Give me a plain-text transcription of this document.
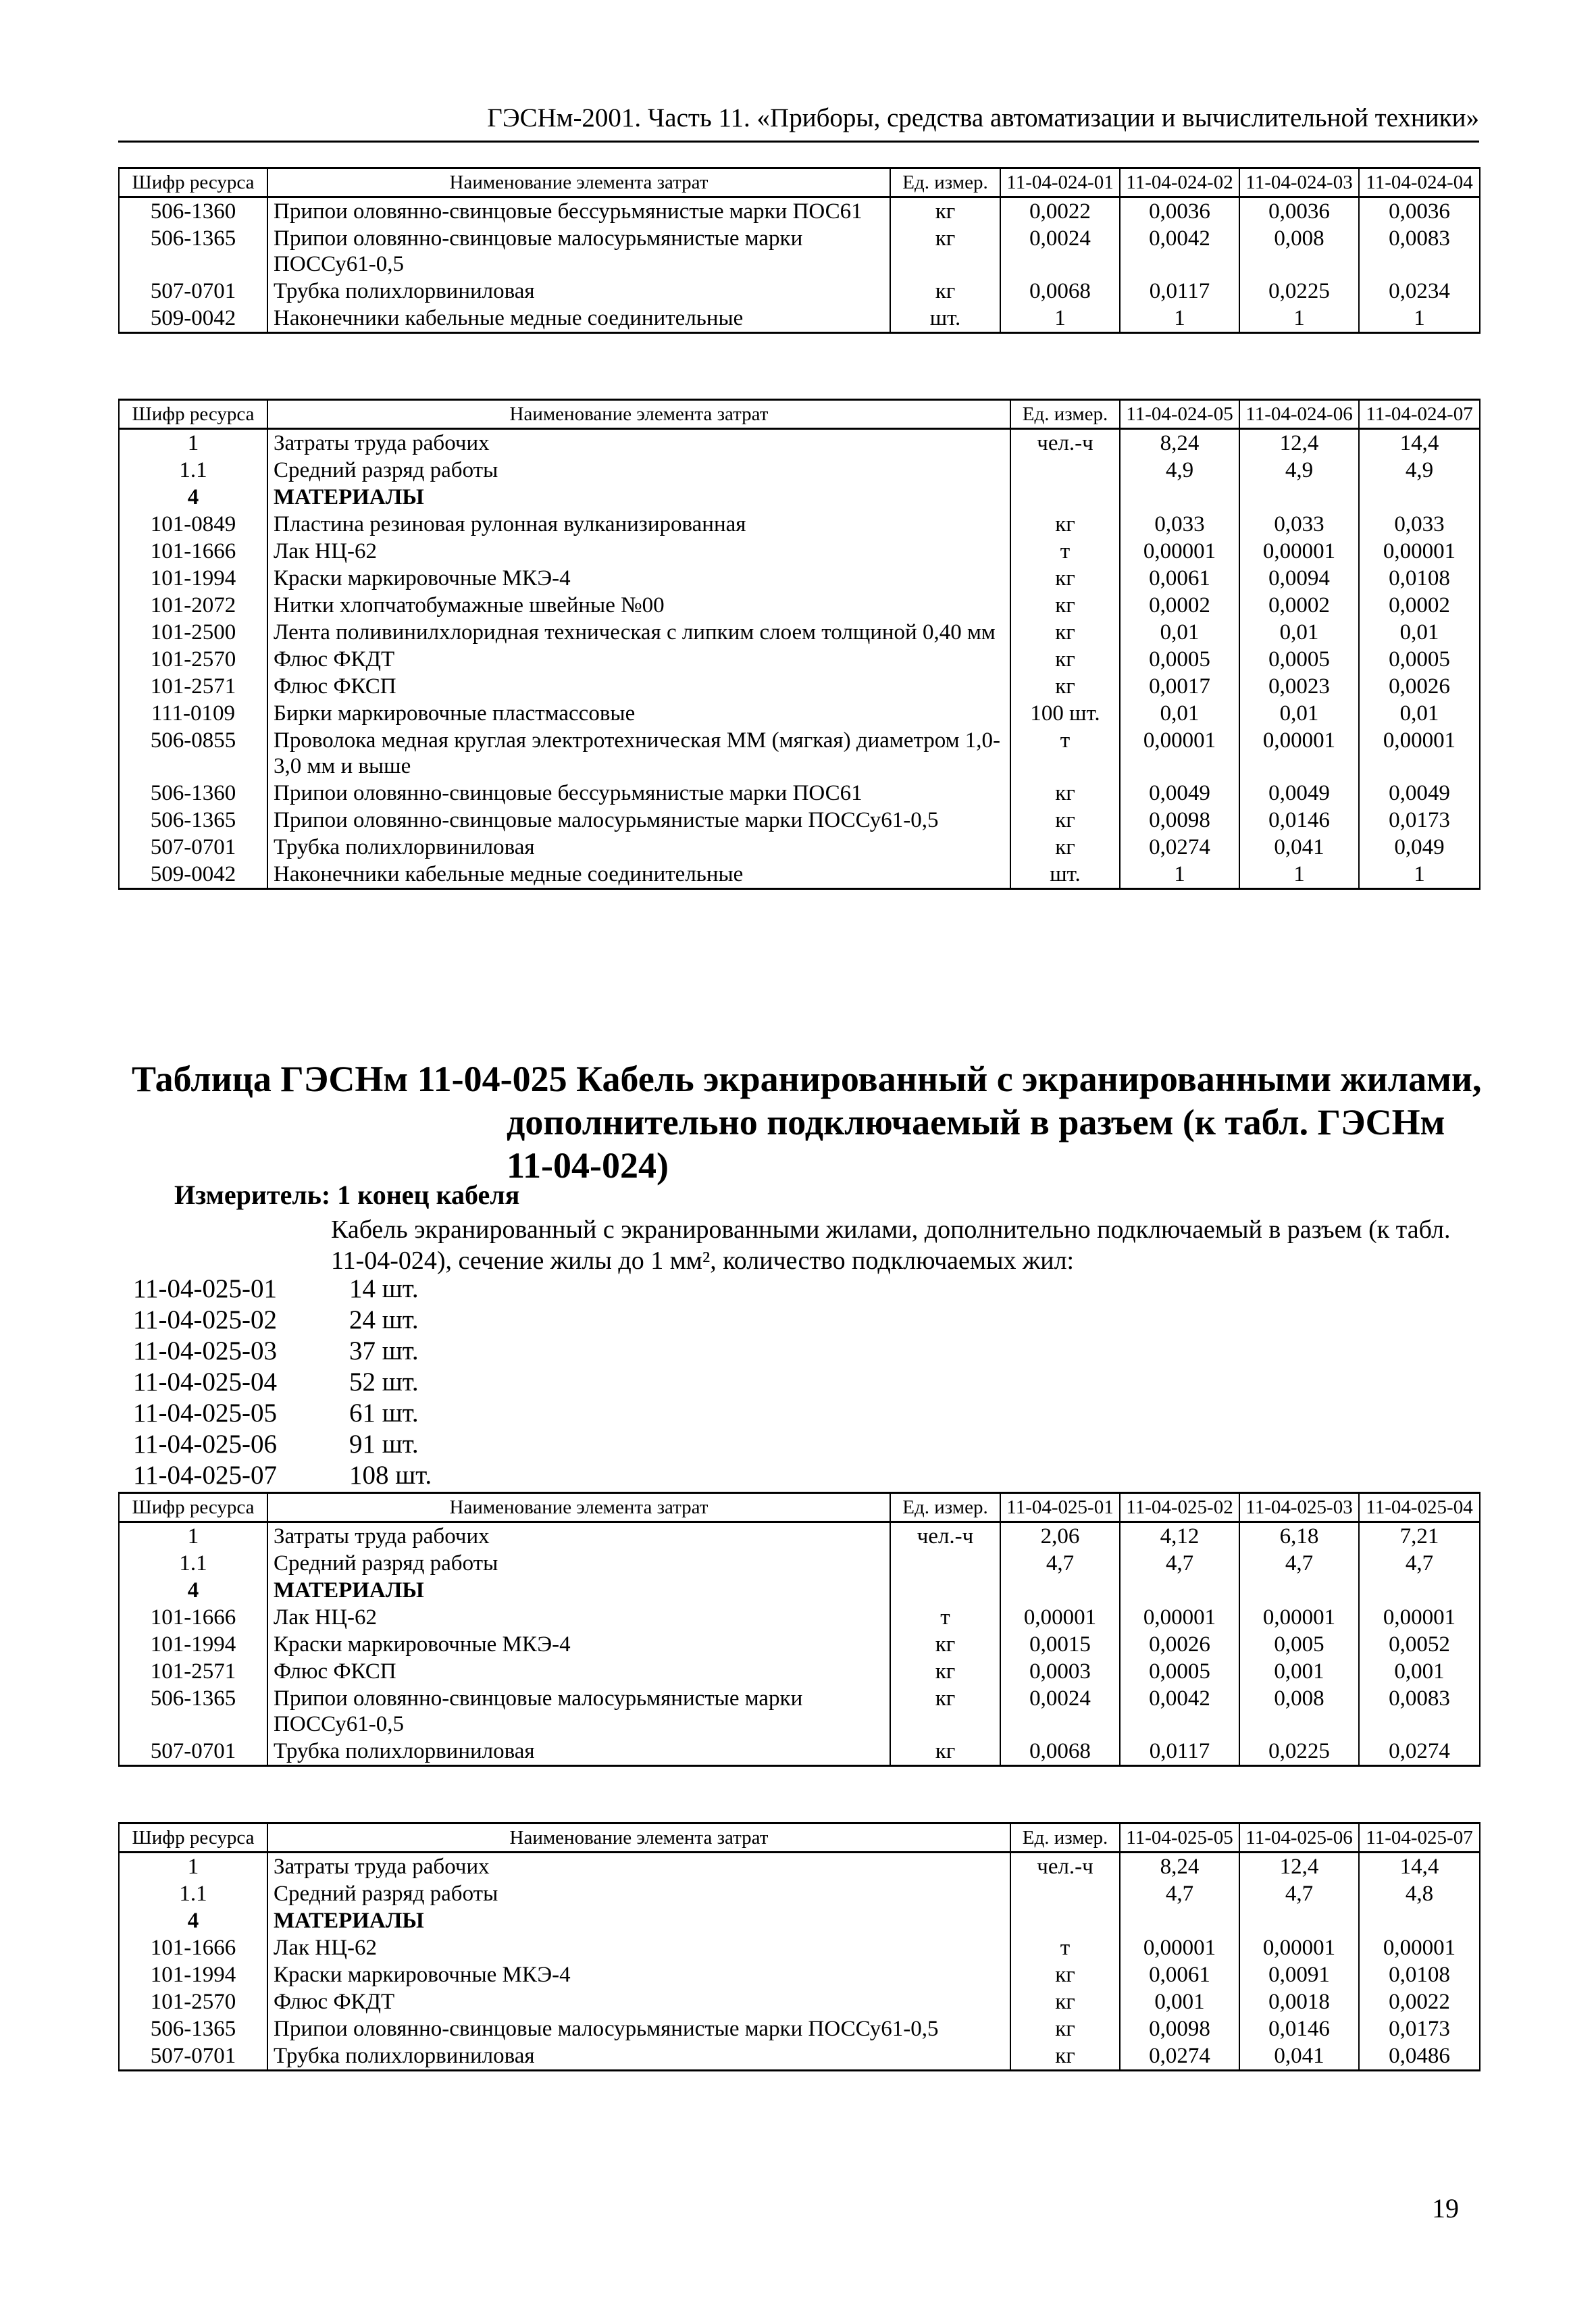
ГЭСНм-2001. Часть 11. «Приборы, средства автоматизации и вычислительной техники»
Шифр ресурса	Наименование элемента затрат	Ед. измер.	11-04-024-01	11-04-024-02	11-04-024-03	11-04-024-04
506-1360	Припои оловянно-свинцовые бессурьмянистые марки ПОС61	кг	0,0022	0,0036	0,0036	0,0036
506-1365	Припои оловянно-свинцовые малосурьмянистые марки ПОССу61-0,5	кг	0,0024	0,0042	0,008	0,0083
507-0701	Трубка полихлорвиниловая	кг	0,0068	0,0117	0,0225	0,0234
509-0042	Наконечники кабельные медные соединительные	шт.	1	1	1	1
Шифр ресурса	Наименование элемента затрат	Ед. измер.	11-04-024-05	11-04-024-06	11-04-024-07
1	Затраты труда рабочих	чел.-ч	8,24	12,4	14,4
1.1	Средний разряд работы		4,9	4,9	4,9
4	МАТЕРИАЛЫ				
101-0849	Пластина резиновая рулонная вулканизированная	кг	0,033	0,033	0,033
101-1666	Лак НЦ-62	т	0,00001	0,00001	0,00001
101-1994	Краски маркировочные МКЭ-4	кг	0,0061	0,0094	0,0108
101-2072	Нитки хлопчатобумажные швейные №00	кг	0,0002	0,0002	0,0002
101-2500	Лента поливинилхлоридная техническая с липким слоем толщиной 0,40 мм	кг	0,01	0,01	0,01
101-2570	Флюс ФКДТ	кг	0,0005	0,0005	0,0005
101-2571	Флюс ФКСП	кг	0,0017	0,0023	0,0026
111-0109	Бирки маркировочные пластмассовые	100 шт.	0,01	0,01	0,01
506-0855	Проволока медная круглая электротехническая ММ (мягкая) диаметром 1,0-3,0 мм и выше	т	0,00001	0,00001	0,00001
506-1360	Припои оловянно-свинцовые бессурьмянистые марки ПОС61	кг	0,0049	0,0049	0,0049
506-1365	Припои оловянно-свинцовые малосурьмянистые марки ПОССу61-0,5	кг	0,0098	0,0146	0,0173
507-0701	Трубка полихлорвиниловая	кг	0,0274	0,041	0,049
509-0042	Наконечники кабельные медные соединительные	шт.	1	1	1
Таблица ГЭСНм 11-04-025 Кабель экранированный с экранированными жилами,
дополнительно подключаемый в разъем (к табл. ГЭСНм 11-04-024)
Измеритель: 1 конец кабеля
Кабель экранированный с экранированными жилами, дополнительно подключаемый в разъем (к табл. 11-04-024), сечение жилы до 1 мм², количество подключаемых жил:
11-04-025-01	14 шт.
11-04-025-02	24 шт.
11-04-025-03	37 шт.
11-04-025-04	52 шт.
11-04-025-05	61 шт.
11-04-025-06	91 шт.
11-04-025-07	108 шт.
Шифр ресурса	Наименование элемента затрат	Ед. измер.	11-04-025-01	11-04-025-02	11-04-025-03	11-04-025-04
1	Затраты труда рабочих	чел.-ч	2,06	4,12	6,18	7,21
1.1	Средний разряд работы		4,7	4,7	4,7	4,7
4	МАТЕРИАЛЫ					
101-1666	Лак НЦ-62	т	0,00001	0,00001	0,00001	0,00001
101-1994	Краски маркировочные МКЭ-4	кг	0,0015	0,0026	0,005	0,0052
101-2571	Флюс ФКСП	кг	0,0003	0,0005	0,001	0,001
506-1365	Припои оловянно-свинцовые малосурьмянистые марки ПОССу61-0,5	кг	0,0024	0,0042	0,008	0,0083
507-0701	Трубка полихлорвиниловая	кг	0,0068	0,0117	0,0225	0,0274
Шифр ресурса	Наименование элемента затрат	Ед. измер.	11-04-025-05	11-04-025-06	11-04-025-07
1	Затраты труда рабочих	чел.-ч	8,24	12,4	14,4
1.1	Средний разряд работы		4,7	4,7	4,8
4	МАТЕРИАЛЫ				
101-1666	Лак НЦ-62	т	0,00001	0,00001	0,00001
101-1994	Краски маркировочные МКЭ-4	кг	0,0061	0,0091	0,0108
101-2570	Флюс ФКДТ	кг	0,001	0,0018	0,0022
506-1365	Припои оловянно-свинцовые малосурьмянистые марки ПОССу61-0,5	кг	0,0098	0,0146	0,0173
507-0701	Трубка полихлорвиниловая	кг	0,0274	0,041	0,0486
19
